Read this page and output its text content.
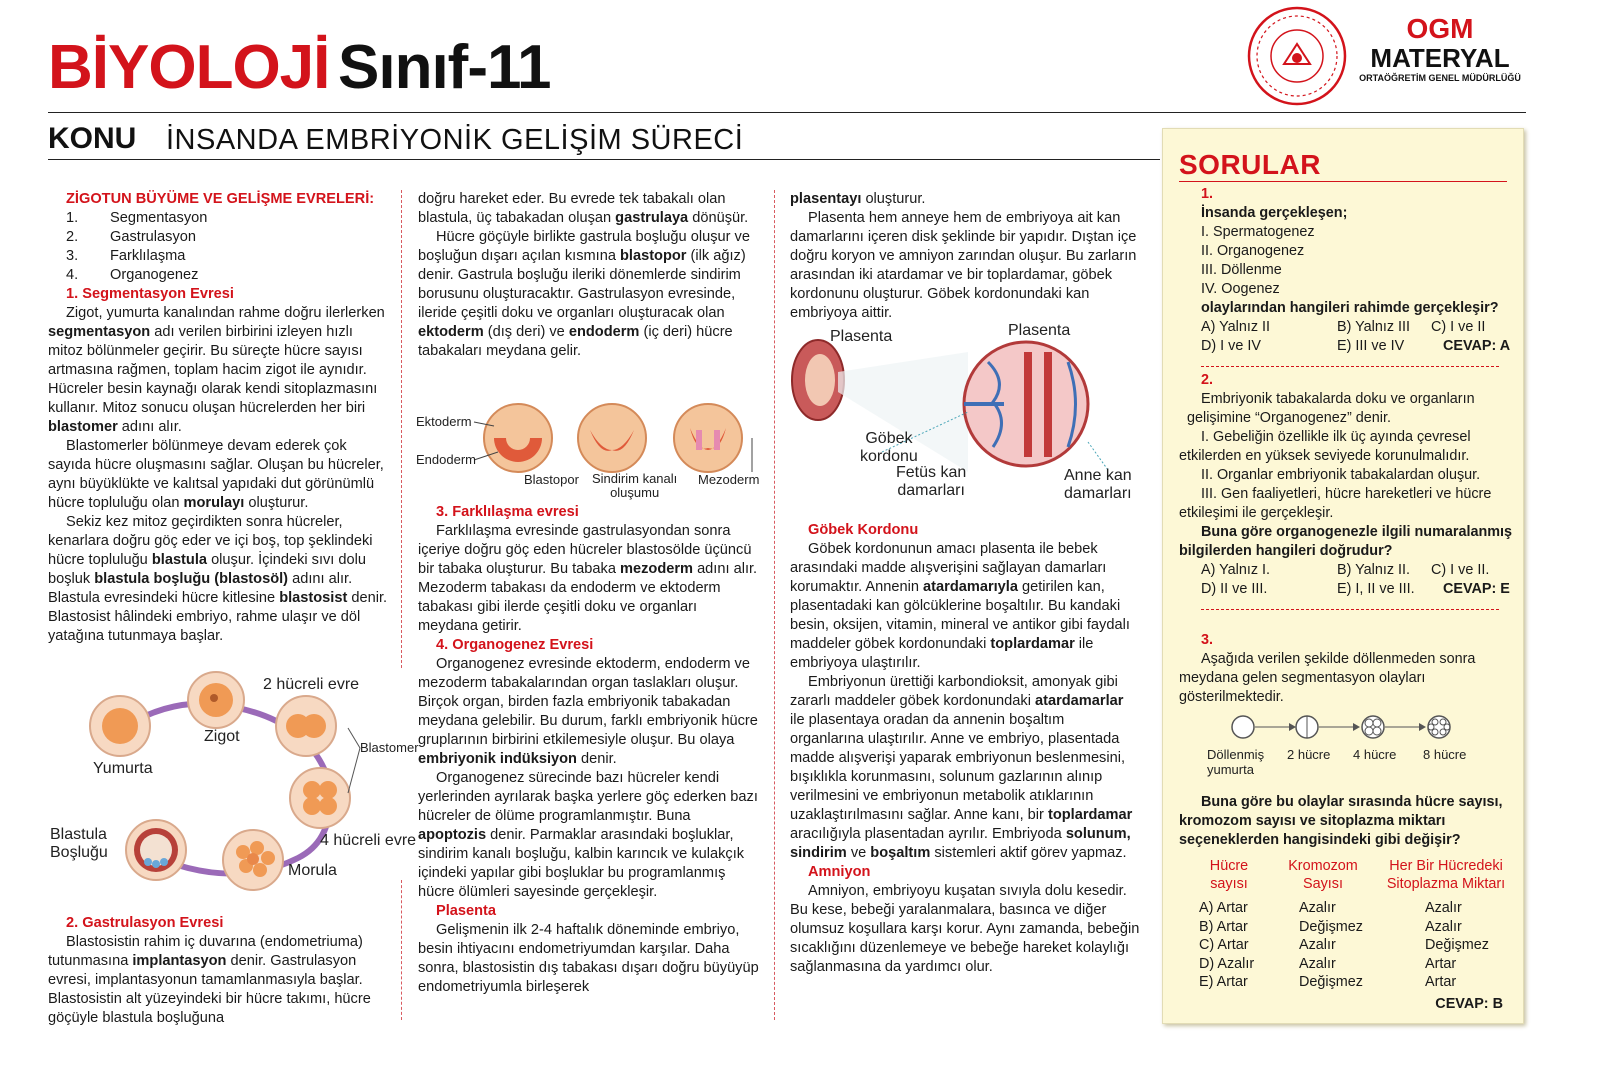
BİYOLOJİ Sınıf-11
OGM
MATERYAL
ORTAÖĞRETİM GENEL MÜDÜRLÜĞÜ
KONU İNSANDA EMBRİYONİK GELİŞİM SÜRECİ

ZİGOTUN BÜYÜME VE GELİŞME EVRELERİ:

1.	Segmentasyon
2.	Gastrulasyon
3.	Farklılaşma
4.	Organogenez

1. Segmentasyon Evresi

Zigot, yumurta kanalından rahme doğru ilerlerken segmentasyon adı verilen birbirini izleyen hızlı mitoz bölünmeler geçirir. Bu süreçte hücre sayısı artmasına rağmen, toplam hacim zigot ile aynıdır. Hücreler besin kaynağı olarak kendi sitoplazmasını kullanır. Mitoz sonucu oluşan hücrelerden her biri blastomer adını alır.

Blastomerler bölünmeye devam ederek çok sayıda hücre oluşmasını sağlar. Oluşan bu hücreler, aynı büyüklükte ve kalıtsal yapıdaki dut görünümlü hücre topluluğu olan morulayı oluşturur.

Sekiz kez mitoz geçirdikten sonra hücreler, kenarlara doğru göç eder ve içi boş, top şeklindeki hücre topluluğu blastula oluşur. İçindeki sıvı dolu boşluk blastula boşluğu (blastosöl) adını alır. Blastula evresindeki hücre kitlesine blastosist denir. Blastosist hâlindeki embriyo, rahme ulaşır ve döl yatağına tutunmaya başlar.

2 hücreli evre
Zigot
Blastomer
Yumurta
4 hücreli evre
Blastula
Boşluğu
Morula

2. Gastrulasyon Evresi

Blastosistin rahim iç duvarına (endometriuma) tutunmasına implantasyon denir. Gastrulasyon evresi, implantasyonun tamamlanmasıyla başlar. Blastosistin alt yüzeyindeki bir hücre takımı, hücre göçüyle blastula boşluğuna

doğru hareket eder. Bu evrede tek tabakalı olan blastula, üç tabakadan oluşan gastrulaya dönüşür.

Hücre göçüyle birlikte gastrula boşluğu oluşur ve boşluğun dışarı açılan kısmına blastopor (ilk ağız) denir. Gastrula boşluğu ileriki dönemlerde sindirim borusunu oluşturacaktır. Gastrulasyon evresinde, ileride çeşitli doku ve organları oluşturacak olan ektoderm (dış deri) ve endoderm (iç deri) hücre tabakaları meydana gelir.

Ektoderm
Endoderm
Blastopor Sindirim kanalı
oluşumu
Mezoderm

3. Farklılaşma evresi

Farklılaşma evresinde gastrulasyondan sonra içeriye doğru göç eden hücreler blastosölde üçüncü bir tabaka oluşturur. Bu tabaka mezoderm adını alır. Mezoderm tabakası da endoderm ve ektoderm tabakası gibi ilerde çeşitli doku ve organları meydana getirir.

4. Organogenez Evresi

Organogenez evresinde ektoderm, endoderm ve mezoderm tabakalarından organ taslakları oluşur. Birçok organ, birden fazla embriyonik tabakadan meydana gelebilir. Bu durum, farklı embriyonik hücre gruplarının birbirini etkilemesiyle oluşur. Bu olaya embriyonik indüksiyon denir.

Organogenez sürecinde bazı hücreler kendi yerlerinden ayrılarak başka yerlere göç ederken bazı hücreler de ölüme programlanmıştır. Buna apoptozis denir. Parmaklar arasındaki boşluklar, sindirim kanalı boşluğu, kalbin karıncık ve kulakçık içindeki yapılar gibi boşluklar bu programlanmış hücre ölümleri sayesinde gerçekleşir.

Plasenta

Gelişmenin ilk 2-4 haftalık döneminde embriyo, besin ihtiyacını endometriyumdan karşılar. Daha sonra, blastosistin dış tabakası dışarı doğru büyüyüp endometriyumla birleşerek

plasentayı oluşturur.

Plasenta hem anneye hem de embriyoya ait kan damarlarını içeren disk şeklinde bir yapıdır. Dıştan içe doğru koryon ve amniyon zarından oluşur. Bu zarların arasından iki atardamar ve bir toplardamar, göbek kordonunu oluşturur. Göbek kordonundaki kan embriyoya aittir.

Plasenta	Plasenta
Göbek
kordonu
Fetüs kan
damarları
Anne kan
damarları

Göbek Kordonu

Göbek kordonunun amacı plasenta ile bebek arasındaki madde alışverişini sağlayan damarları korumaktır. Annenin atardamarıyla getirilen kan, plasentadaki kan gölcüklerine boşaltılır. Bu kandaki besin, oksijen, vitamin, mineral ve antikor gibi faydalı maddeler göbek kordonundaki toplardamar ile embriyoya ulaştırılır.

Embriyonun ürettiği karbondioksit, amonyak gibi zararlı maddeler göbek kordonundaki atardamarlar ile plasentaya oradan da annenin boşaltım organlarına ulaştırılır. Anne ve embriyo, plasentada madde alışverişi yaparak embriyonun beslenmesini, bışıklıkla korunmasını, solunum gazlarının alınıp verilmesini ve embriyonun metabolik atıklarının uzaklaştırılmasını sağlar. Anne kanı, bir toplardamar aracılığıyla plasentadan ayrılır. Embriyoda solunum, sindirim ve boşaltım sistemleri aktif görev yapmaz.

Amniyon

Amniyon, embriyoyu kuşatan sıvıyla dolu kesedir. Bu kese, bebeği yaralanmalara, basınca ve diğer olumsuz koşullara karşı korur. Aynı zamanda, bebeğin sıcaklığını düzenlemeye ve bebeğe hareket kolaylığı sağlanmasına da yardımcı olur.

SORULAR

1.

İnsanda gerçekleşen;

I. Spermatogenez

II. Organogenez

III. Döllenme

IV. Oogenez

olaylarından hangileri rahimde gerçekleşir?

A) Yalnız II	B) Yalnız III	C) I ve II
D) I ve IV	E) III ve IV	CEVAP: A

2.

Embriyonik tabakalarda doku ve organların gelişimine “Organogenez” denir.

I. Gebeliğin özellikle ilk üç ayında çevresel etkilerden en yüksek seviyede korunulmalıdır.

II. Organlar embriyonik tabakalardan oluşur.

III. Gen faaliyetleri, hücre hareketleri ve hücre etkileşimi ile gerçekleşir.

Buna göre organogenezle ilgili numaralanmış bilgilerden hangileri doğrudur?

A) Yalnız I.	B) Yalnız II.	C) I ve II.
D) II ve III.	E) I, II ve III.	CEVAP: E

3.

Aşağıda verilen şekilde döllenmeden sonra meydana gelen segmentasyon olayları gösterilmektedir.

Döllenmiş yumurta
2 hücre 4 hücre 8 hücre

Buna göre bu olaylar sırasında hücre sayısı, kromozom sayısı ve sitoplazma miktarı seçeneklerden hangisindeki gibi değişir?

Hücre sayısı
Kromozom Sayısı
Her Bir Hücredeki Sitoplazma Miktarı
A) Artar	Azalır	Azalır
B) Artar	Değişmez	Azalır
C) Artar	Azalır	Değişmez
D) Azalır	Azalır	Artar
E) Artar	Değişmez	Artar
CEVAP: B
